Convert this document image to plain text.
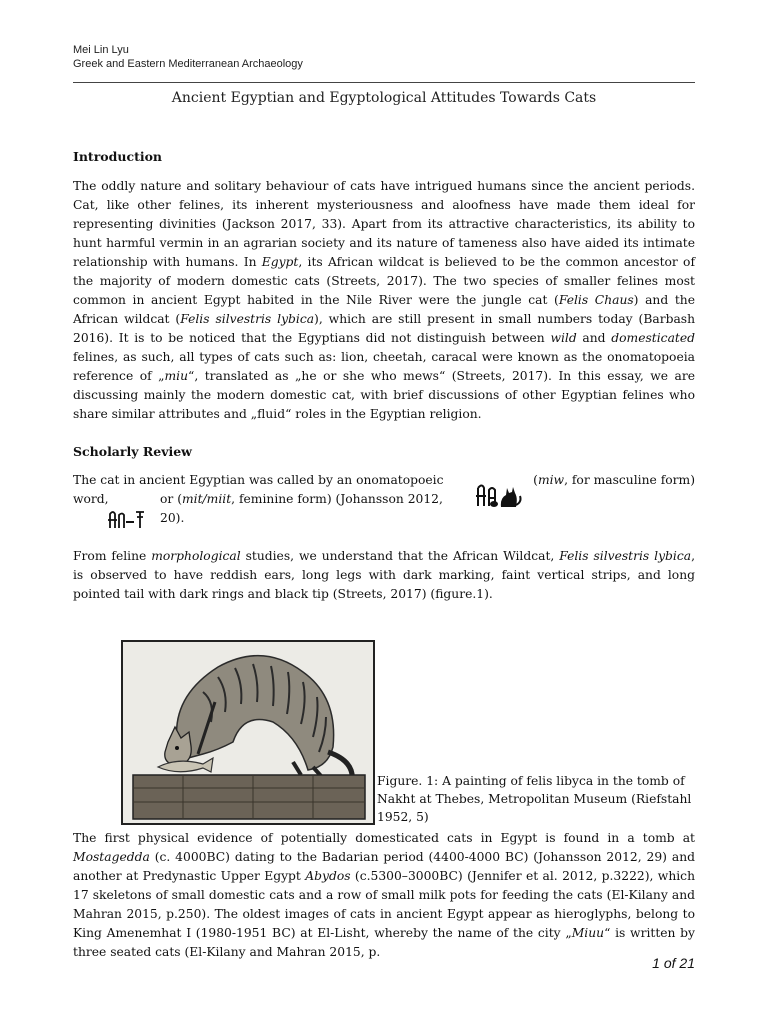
Mei Lin Lyu
Greek and Eastern Mediterranean Archaeology
Ancient Egyptian and Egyptological Attitudes Towards Cats
Introduction

The oddly nature and solitary behaviour of cats have intrigued humans since the ancient periods. Cat, like other felines, its inherent mysteriousness and aloofness have made them ideal for representing divinities (Jackson 2017, 33). Apart from its attractive characteristics, its ability to hunt harmful vermin in an agrarian society and its nature of tameness also have aided its intimate relationship with humans. In Egypt, its African wildcat is believed to be the common ancestor of the majority of modern domestic cats (Streets, 2017). The two species of smaller felines most common in ancient Egypt habited in the Nile River were the jungle cat (Felis Chaus) and the African wildcat (Felis silvestris lybica), which are still present in small numbers today (Barbash 2016). It is to be noticed that the Egyptians did not distinguish between wild and domesticated felines, as such, all types of cats such as: lion, cheetah, caracal were known as the onomatopoeia reference of „miu“, translated as „he or she who mews“ (Streets, 2017). In this essay, we are discussing mainly the modern domestic cat, with brief discussions of other Egyptian felines who share similar attributes and „fluid“ roles in the Egyptian religion.

Scholarly Review
The cat in ancient Egyptian was called by an onomatopoeic word,
(miw, for masculine form)
or (mit/miit, feminine form) (Johansson 2012, 20).

From feline morphological studies, we understand that the African Wildcat, Felis silvestris lybica, is observed to have reddish ears, long legs with dark marking, faint vertical strips, and long pointed tail with dark rings and black tip (Streets, 2017) (figure.1).

Figure. 1: A painting of felis libyca in the tomb of Nakht at Thebes, Metropolitan Museum (Riefstahl 1952, 5)

The first physical evidence of potentially domesticated cats in Egypt is found in a tomb at Mostagedda (c. 4000BC) dating to the Badarian period (4400-4000 BC) (Johansson 2012, 29) and another at Predynastic Upper Egypt Abydos (c.5300–3000BC) (Jennifer et al. 2012, p.3222), which 17 skeletons of small domestic cats and a row of small milk pots for feeding the cats (El-Kilany and Mahran 2015, p.250). The oldest images of cats in ancient Egypt appear as hieroglyphs, belong to King Amenemhat I (1980-1951 BC) at El-Lisht, whereby the name of the city „Miuu“ is written by three seated cats (El-Kilany and Mahran 2015, p.

1 of 21
